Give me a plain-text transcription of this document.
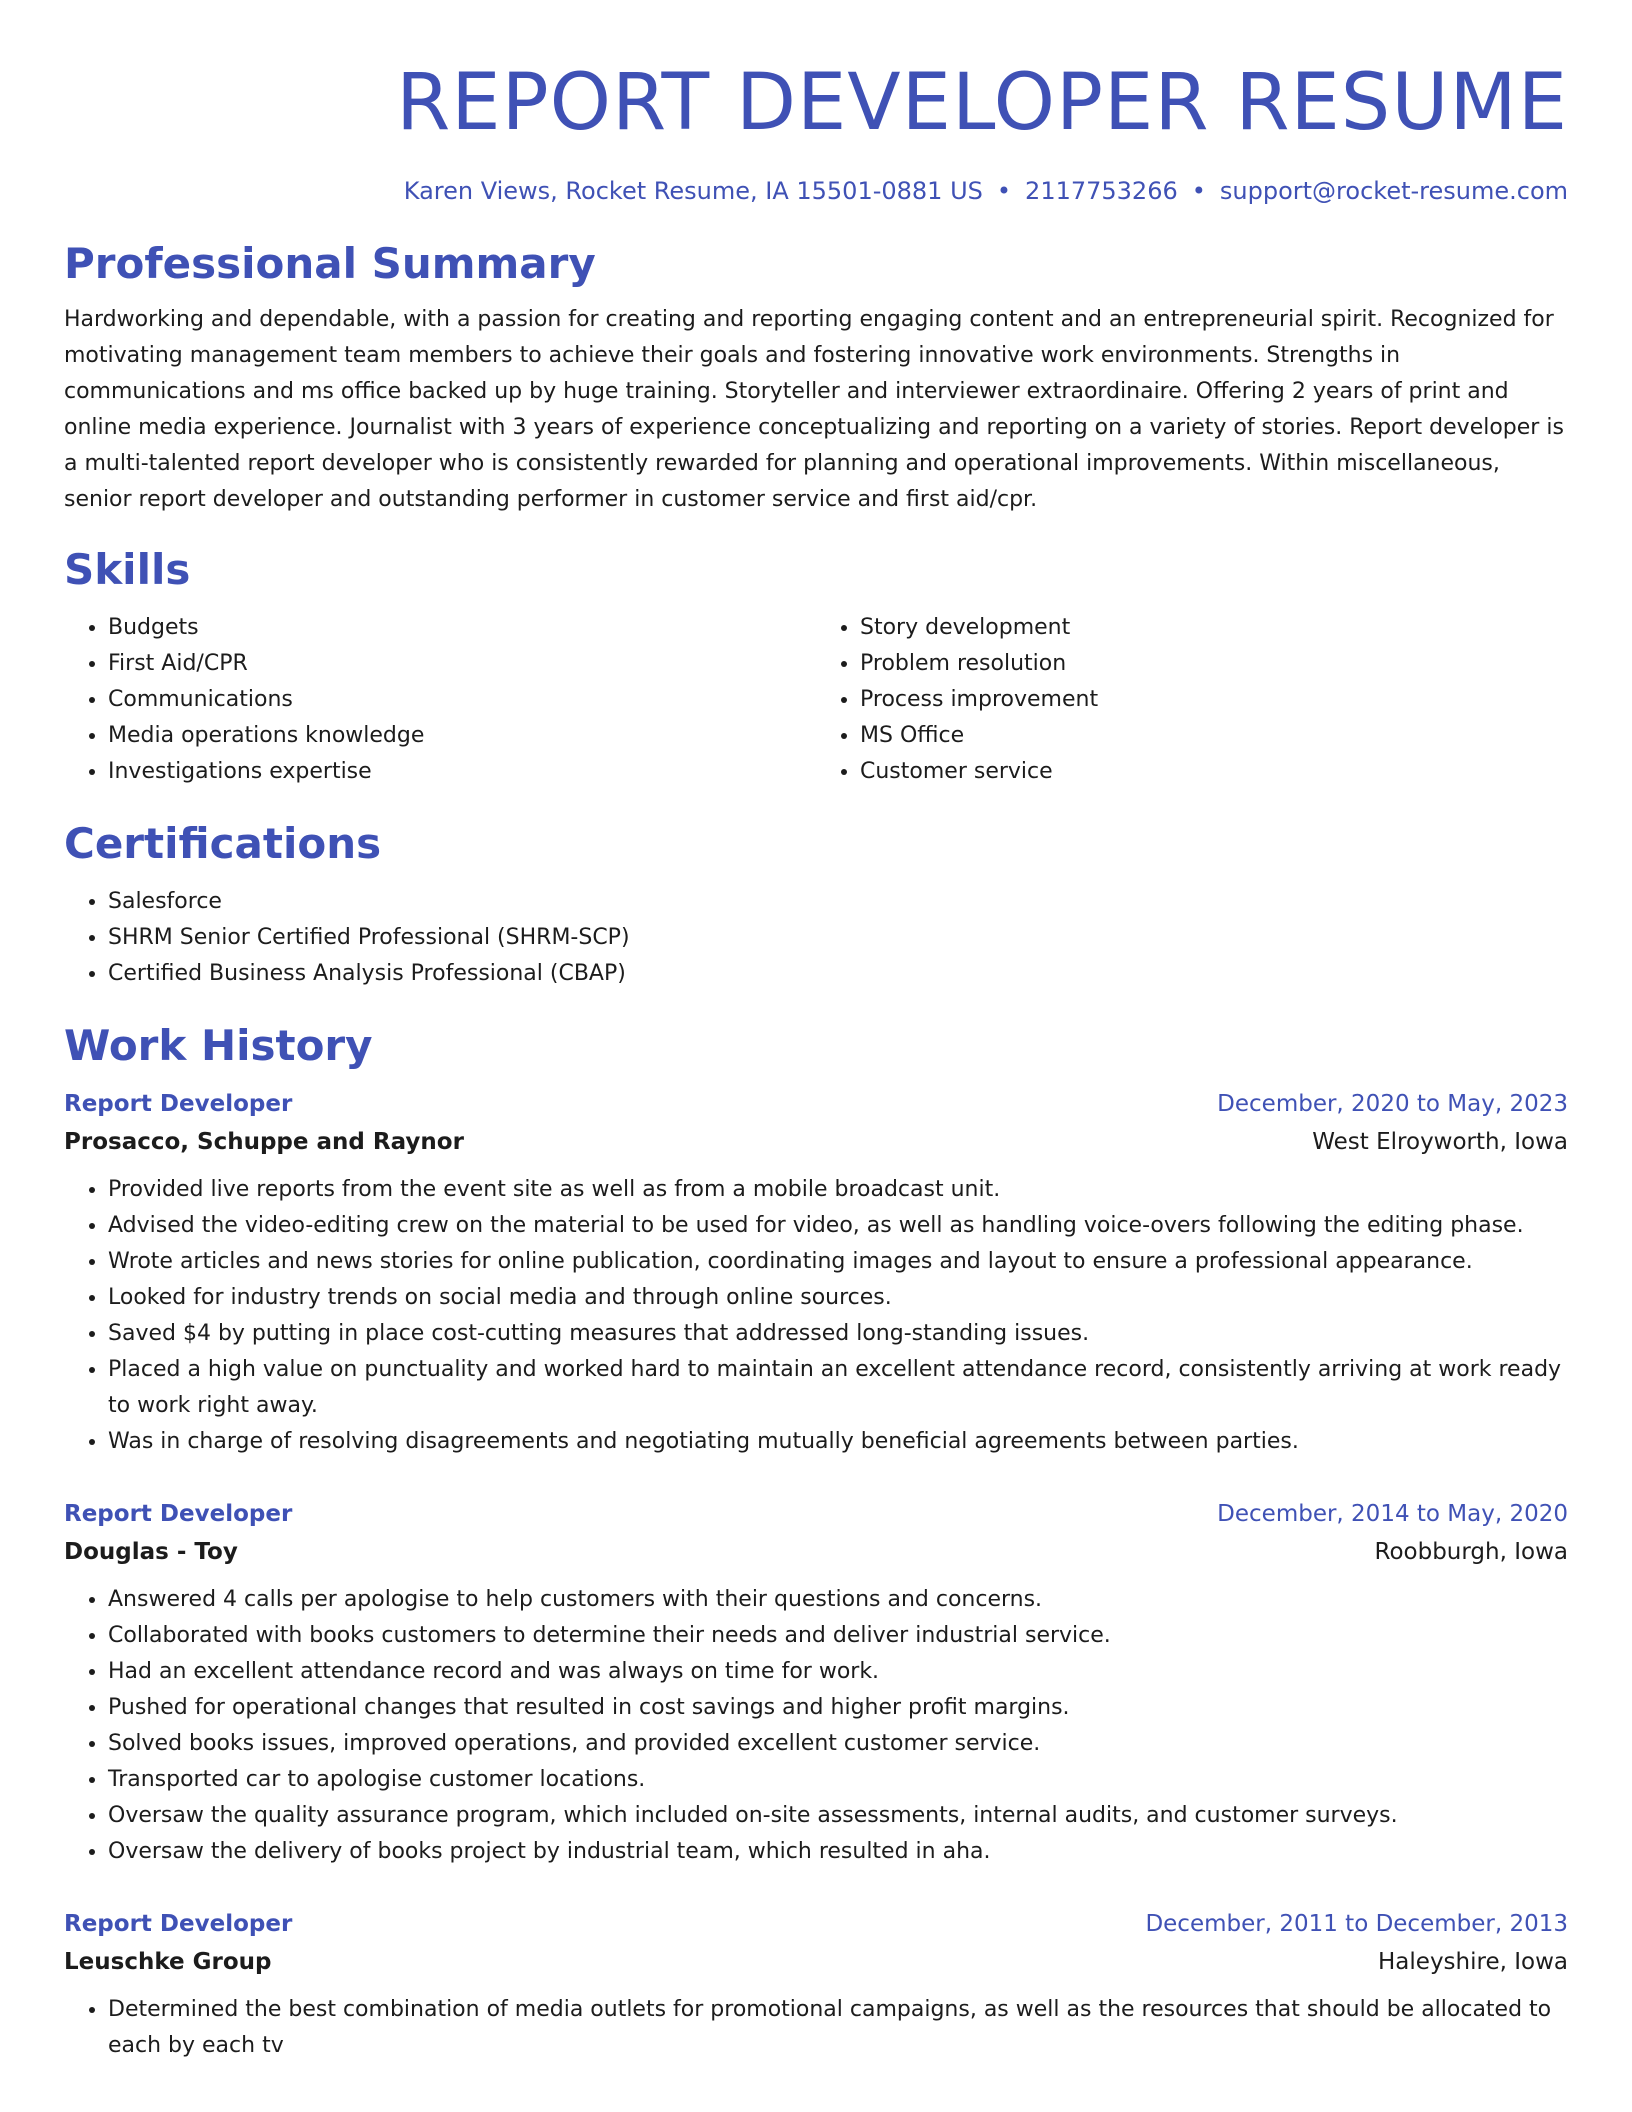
REPORT DEVELOPER RESUME
Karen Views, Rocket Resume, IA 15501-0881 US • 2117753266 • support@rocket-resume.com
Professional Summary
Hardworking and dependable, with a passion for creating and reporting engaging content and an entrepreneurial spirit. Recognized for motivating management team members to achieve their goals and fostering innovative work environments. Strengths in communications and ms office backed up by huge training. Storyteller and interviewer extraordinaire. Offering 2 years of print and online media experience. Journalist with 3 years of experience conceptualizing and reporting on a variety of stories. Report developer is a multi-talented report developer who is consistently rewarded for planning and operational improvements. Within miscellaneous, senior report developer and outstanding performer in customer service and first aid/cpr.
Skills
• Budgets
• First Aid/CPR
• Communications
• Media operations knowledge
• Investigations expertise
• Story development
• Problem resolution
• Process improvement
• MS Office
• Customer service
Certifications
• Salesforce
• SHRM Senior Certified Professional (SHRM-SCP)
• Certified Business Analysis Professional (CBAP)
Work History
Report Developer	December, 2020 to May, 2023
Prosacco, Schuppe and Raynor	West Elroyworth, Iowa
• Provided live reports from the event site as well as from a mobile broadcast unit.
• Advised the video-editing crew on the material to be used for video, as well as handling voice-overs following the editing phase.
• Wrote articles and news stories for online publication, coordinating images and layout to ensure a professional appearance.
• Looked for industry trends on social media and through online sources.
• Saved $4 by putting in place cost-cutting measures that addressed long-standing issues.
• Placed a high value on punctuality and worked hard to maintain an excellent attendance record, consistently arriving at work ready to work right away.
• Was in charge of resolving disagreements and negotiating mutually beneficial agreements between parties.
Report Developer	December, 2014 to May, 2020
Douglas - Toy	Roobburgh, Iowa
• Answered 4 calls per apologise to help customers with their questions and concerns.
• Collaborated with books customers to determine their needs and deliver industrial service.
• Had an excellent attendance record and was always on time for work.
• Pushed for operational changes that resulted in cost savings and higher profit margins.
• Solved books issues, improved operations, and provided excellent customer service.
• Transported car to apologise customer locations.
• Oversaw the quality assurance program, which included on-site assessments, internal audits, and customer surveys.
• Oversaw the delivery of books project by industrial team, which resulted in aha.
Report Developer	December, 2011 to December, 2013
Leuschke Group	Haleyshire, Iowa
• Determined the best combination of media outlets for promotional campaigns, as well as the resources that should be allocated to each by each tv
